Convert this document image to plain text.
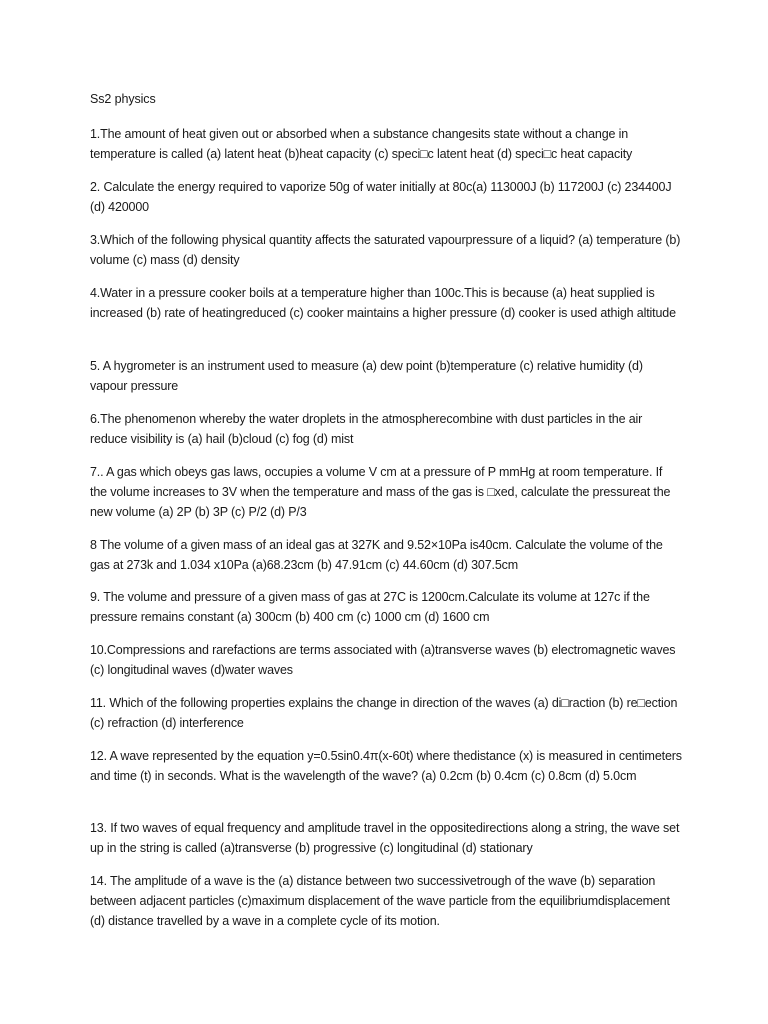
Ss2 physics

1.The amount of heat given out or absorbed when a substance changesits state without a change in temperature is called (a) latent heat (b)heat capacity (c) speci□c latent heat (d) speci□c heat capacity

2. Calculate the energy required to vaporize 50g of water initially at 80c(a) 113000J (b) 117200J (c) 234400J (d) 420000

3.Which of the following physical quantity affects the saturated vapourpressure of a liquid? (a) temperature (b) volume (c) mass (d) density

4.Water in a pressure cooker boils at a temperature higher than 100c.This is because (a) heat supplied is increased (b) rate of heatingreduced (c) cooker maintains a higher pressure (d) cooker is used athigh altitude

5. A hygrometer is an instrument used to measure (a) dew point (b)temperature (c) relative humidity (d) vapour pressure

6.The phenomenon whereby the water droplets in the atmospherecombine with dust particles in the air reduce visibility is (a) hail (b)cloud (c) fog (d) mist

7.. A gas which obeys gas laws, occupies a volume V cm at a pressure of P mmHg at room temperature. If the volume increases to 3V when the temperature and mass of the gas is □xed, calculate the pressureat the new volume (a) 2P (b) 3P (c) P/2 (d) P/3

8 The volume of a given mass of an ideal gas at 327K and 9.52×10Pa is40cm. Calculate the volume of the gas at 273k and 1.034 x10Pa (a)68.23cm (b) 47.91cm (c) 44.60cm (d) 307.5cm

9. The volume and pressure of a given mass of gas at 27C is 1200cm.Calculate its volume at 127c if the pressure remains constant (a) 300cm (b) 400 cm (c) 1000 cm (d) 1600 cm

10.Compressions and rarefactions are terms associated with (a)transverse waves (b) electromagnetic waves (c) longitudinal waves (d)water waves

11. Which of the following properties explains the change in direction of the waves (a) di□raction (b) re□ection (c) refraction (d) interference

12. A wave represented by the equation y=0.5sin0.4π(x-60t) where thedistance (x) is measured in centimeters and time (t) in seconds. What is the wavelength of the wave? (a) 0.2cm (b) 0.4cm (c) 0.8cm (d) 5.0cm

13. If two waves of equal frequency and amplitude travel in the oppositedirections along a string, the wave set up in the string is called (a)transverse (b) progressive (c) longitudinal (d) stationary

14. The amplitude of a wave is the (a) distance between two successivetrough of the wave (b) separation between adjacent particles (c)maximum displacement of the wave particle from the equilibriumdisplacement (d) distance travelled by a wave in a complete cycle of its motion.
